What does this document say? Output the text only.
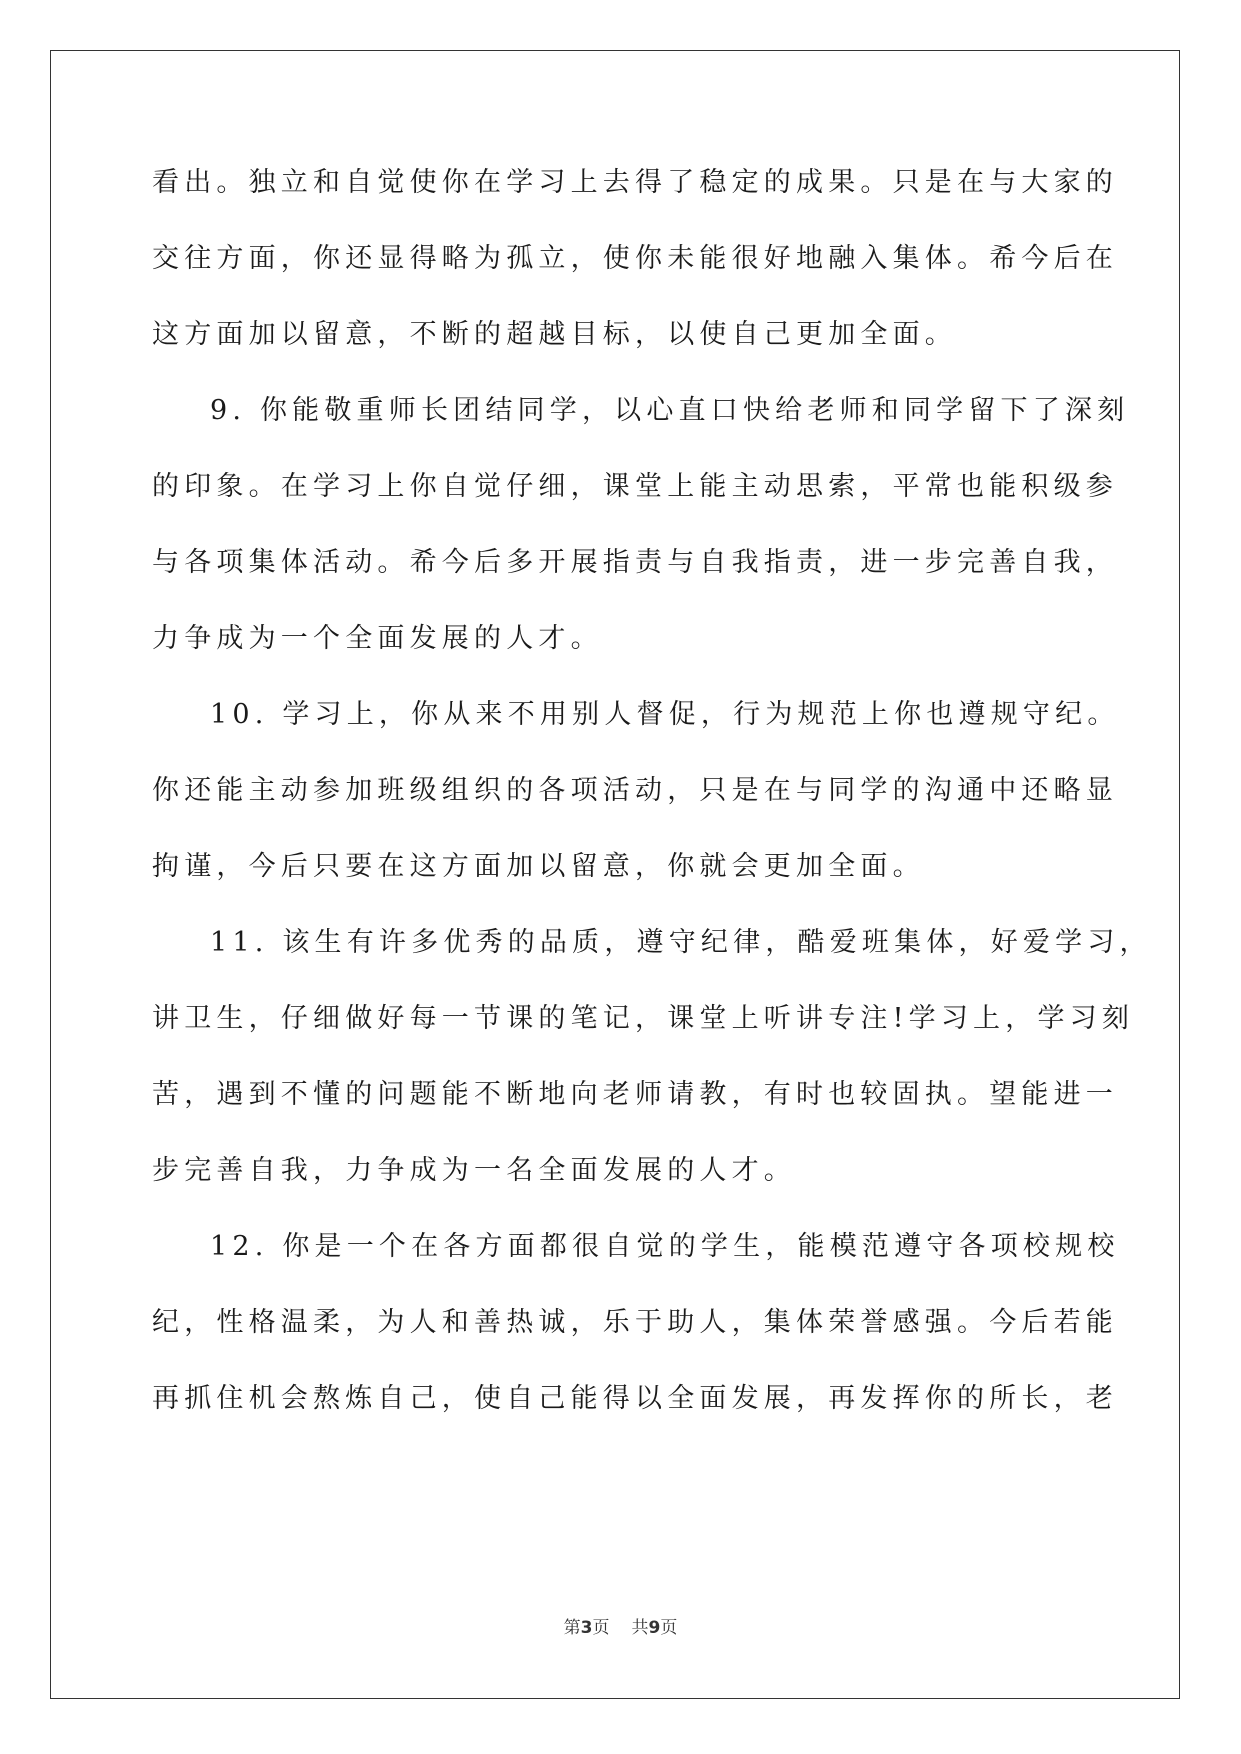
看出。独立和自觉使你在学习上去得了稳定的成果。只是在与大家的
交往方面，你还显得略为孤立，使你未能很好地融入集体。希今后在
这方面加以留意，不断的超越目标，以使自己更加全面。
9. 你能敬重师长团结同学，以心直口快给老师和同学留下了深刻
的印象。在学习上你自觉仔细，课堂上能主动思索，平常也能积级参
与各项集体活动。希今后多开展指责与自我指责，进一步完善自我，
力争成为一个全面发展的人才。
10. 学习上，你从来不用别人督促，行为规范上你也遵规守纪。
你还能主动参加班级组织的各项活动，只是在与同学的沟通中还略显
拘谨，今后只要在这方面加以留意，你就会更加全面。
11. 该生有许多优秀的品质，遵守纪律，酷爱班集体，好爱学习，
讲卫生，仔细做好每一节课的笔记，课堂上听讲专注!学习上，学习刻
苦，遇到不懂的问题能不断地向老师请教，有时也较固执。望能进一
步完善自我，力争成为一名全面发展的人才。
12. 你是一个在各方面都很自觉的学生，能模范遵守各项校规校
纪，性格温柔，为人和善热诚，乐于助人，集体荣誉感强。今后若能
再抓住机会熬炼自己，使自己能得以全面发展，再发挥你的所长，老
第3页 共9页
